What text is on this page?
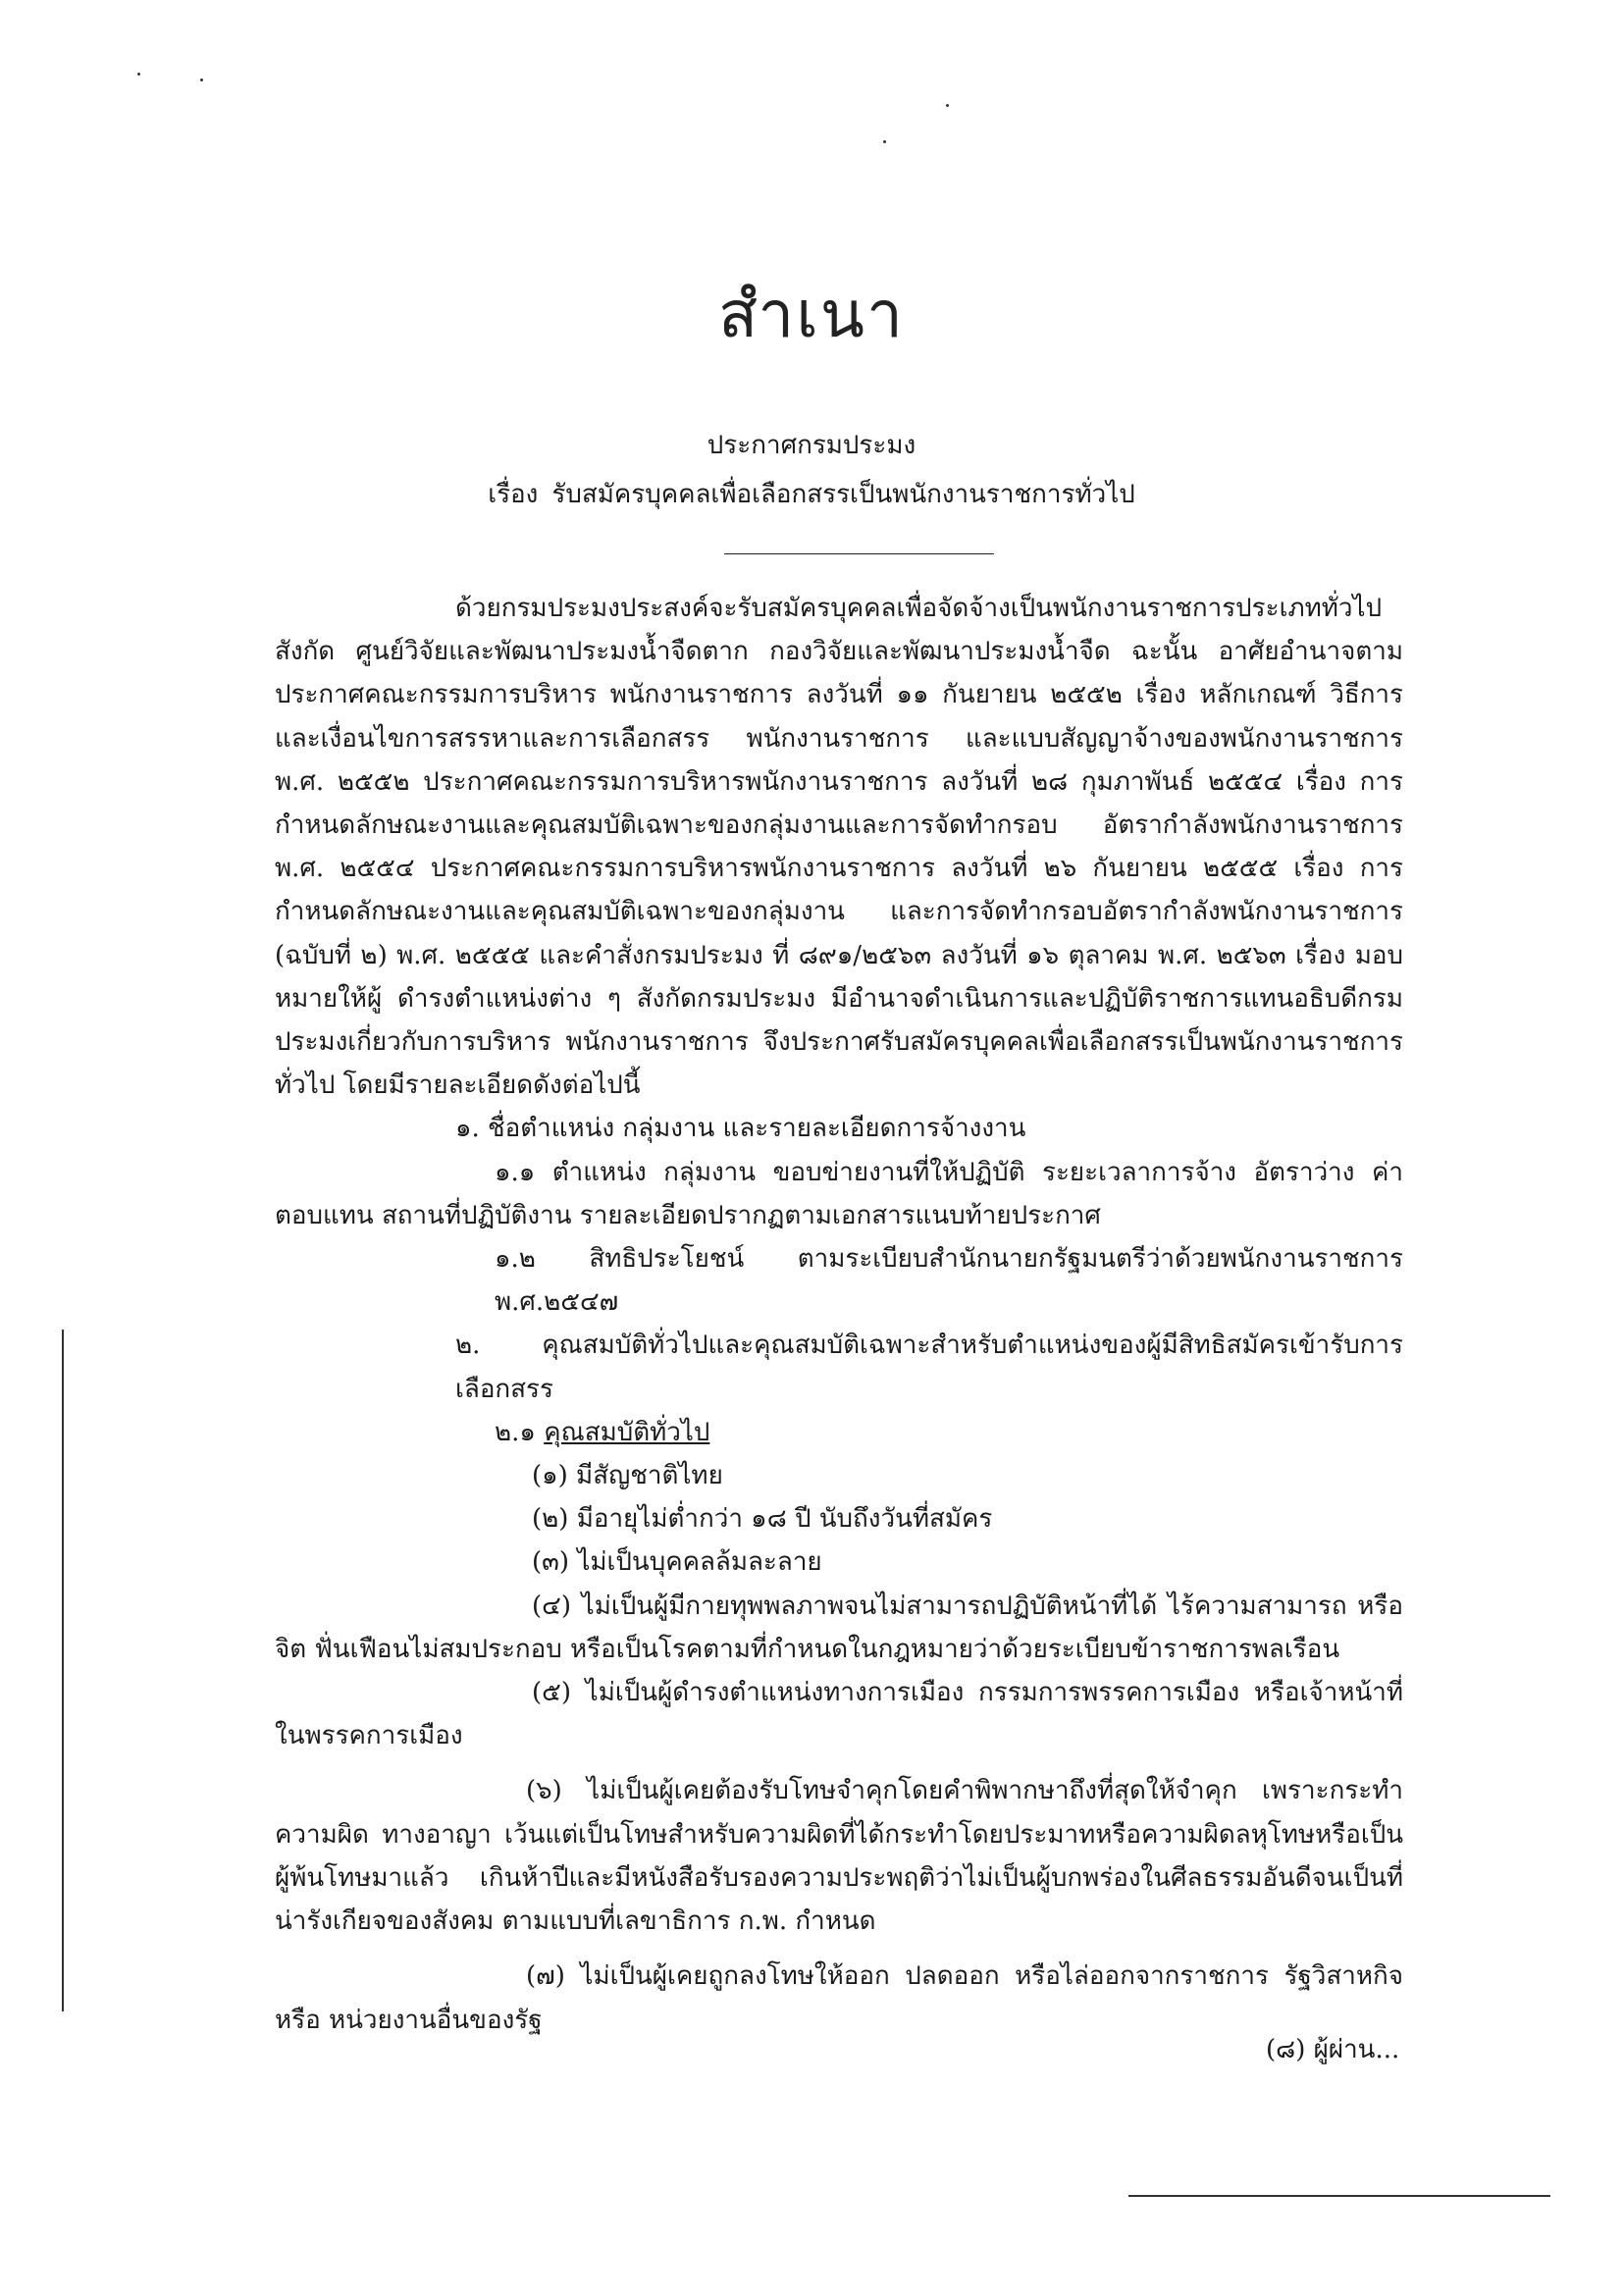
สำเนา
ประกาศกรมประมง
เรื่อง รับสมัครบุคคลเพื่อเลือกสรรเป็นพนักงานราชการทั่วไป

ด้วยกรมประมงประสงค์จะรับสมัครบุคคลเพื่อจัดจ้างเป็นพนักงานราชการประเภททั่วไป สังกัด ศูนย์วิจัยและพัฒนาประมงน้ำจืดตาก กองวิจัยและพัฒนาประมงน้ำจืด ฉะนั้น อาศัยอำนาจตามประกาศคณะกรรมการบริหาร พนักงานราชการ ลงวันที่ ๑๑ กันยายน ๒๕๕๒ เรื่อง หลักเกณฑ์ วิธีการและเงื่อนไขการสรรหาและการเลือกสรร พนักงานราชการ และแบบสัญญาจ้างของพนักงานราชการ พ.ศ. ๒๕๕๒ ประกาศคณะกรรมการบริหารพนักงานราชการ ลงวันที่ ๒๘ กุมภาพันธ์ ๒๕๕๔ เรื่อง การกำหนดลักษณะงานและคุณสมบัติเฉพาะของกลุ่มงานและการจัดทำกรอบ อัตรากำลังพนักงานราชการ พ.ศ. ๒๕๕๔ ประกาศคณะกรรมการบริหารพนักงานราชการ ลงวันที่ ๒๖ กันยายน ๒๕๕๕ เรื่อง การกำหนดลักษณะงานและคุณสมบัติเฉพาะของกลุ่มงาน และการจัดทำกรอบอัตรากำลังพนักงานราชการ (ฉบับที่ ๒) พ.ศ. ๒๕๕๕ และคำสั่งกรมประมง ที่ ๘๙๑/๒๕๖๓ ลงวันที่ ๑๖ ตุลาคม พ.ศ. ๒๕๖๓ เรื่อง มอบหมายให้ผู้ ดำรงตำแหน่งต่าง ๆ สังกัดกรมประมง มีอำนาจดำเนินการและปฏิบัติราชการแทนอธิบดีกรมประมงเกี่ยวกับการบริหาร พนักงานราชการ จึงประกาศรับสมัครบุคคลเพื่อเลือกสรรเป็นพนักงานราชการทั่วไป โดยมีรายละเอียดดังต่อไปนี้

๑. ชื่อตำแหน่ง กลุ่มงาน และรายละเอียดการจ้างงาน

๑.๑ ตำแหน่ง กลุ่มงาน ขอบข่ายงานที่ให้ปฏิบัติ ระยะเวลาการจ้าง อัตราว่าง ค่าตอบแทน สถานที่ปฏิบัติงาน รายละเอียดปรากฏตามเอกสารแนบท้ายประกาศ

๑.๒ สิทธิประโยชน์ ตามระเบียบสำนักนายกรัฐมนตรีว่าด้วยพนักงานราชการ พ.ศ.๒๕๔๗

๒. คุณสมบัติทั่วไปและคุณสมบัติเฉพาะสำหรับตำแหน่งของผู้มีสิทธิสมัครเข้ารับการเลือกสรร

๒.๑ คุณสมบัติทั่วไป

(๑) มีสัญชาติไทย

(๒) มีอายุไม่ต่ำกว่า ๑๘ ปี นับถึงวันที่สมัคร

(๓) ไม่เป็นบุคคลล้มละลาย

(๔) ไม่เป็นผู้มีกายทุพพลภาพจนไม่สามารถปฏิบัติหน้าที่ได้ ไร้ความสามารถ หรือจิต ฟั่นเฟือนไม่สมประกอบ หรือเป็นโรคตามที่กำหนดในกฎหมายว่าด้วยระเบียบข้าราชการพลเรือน

(๕) ไม่เป็นผู้ดำรงตำแหน่งทางการเมือง กรรมการพรรคการเมือง หรือเจ้าหน้าที่ ในพรรคการเมือง

(๖) ไม่เป็นผู้เคยต้องรับโทษจำคุกโดยคำพิพากษาถึงที่สุดให้จำคุก เพราะกระทำความผิด ทางอาญา เว้นแต่เป็นโทษสำหรับความผิดที่ได้กระทำโดยประมาทหรือความผิดลหุโทษหรือเป็นผู้พ้นโทษมาแล้ว เกินห้าปีและมีหนังสือรับรองความประพฤติว่าไม่เป็นผู้บกพร่องในศีลธรรมอันดีจนเป็นที่น่ารังเกียจของสังคม ตามแบบที่เลขาธิการ ก.พ. กำหนด

(๗) ไม่เป็นผู้เคยถูกลงโทษให้ออก ปลดออก หรือไล่ออกจากราชการ รัฐวิสาหกิจ หรือ หน่วยงานอื่นของรัฐ

(๘) ผู้ผ่าน...
